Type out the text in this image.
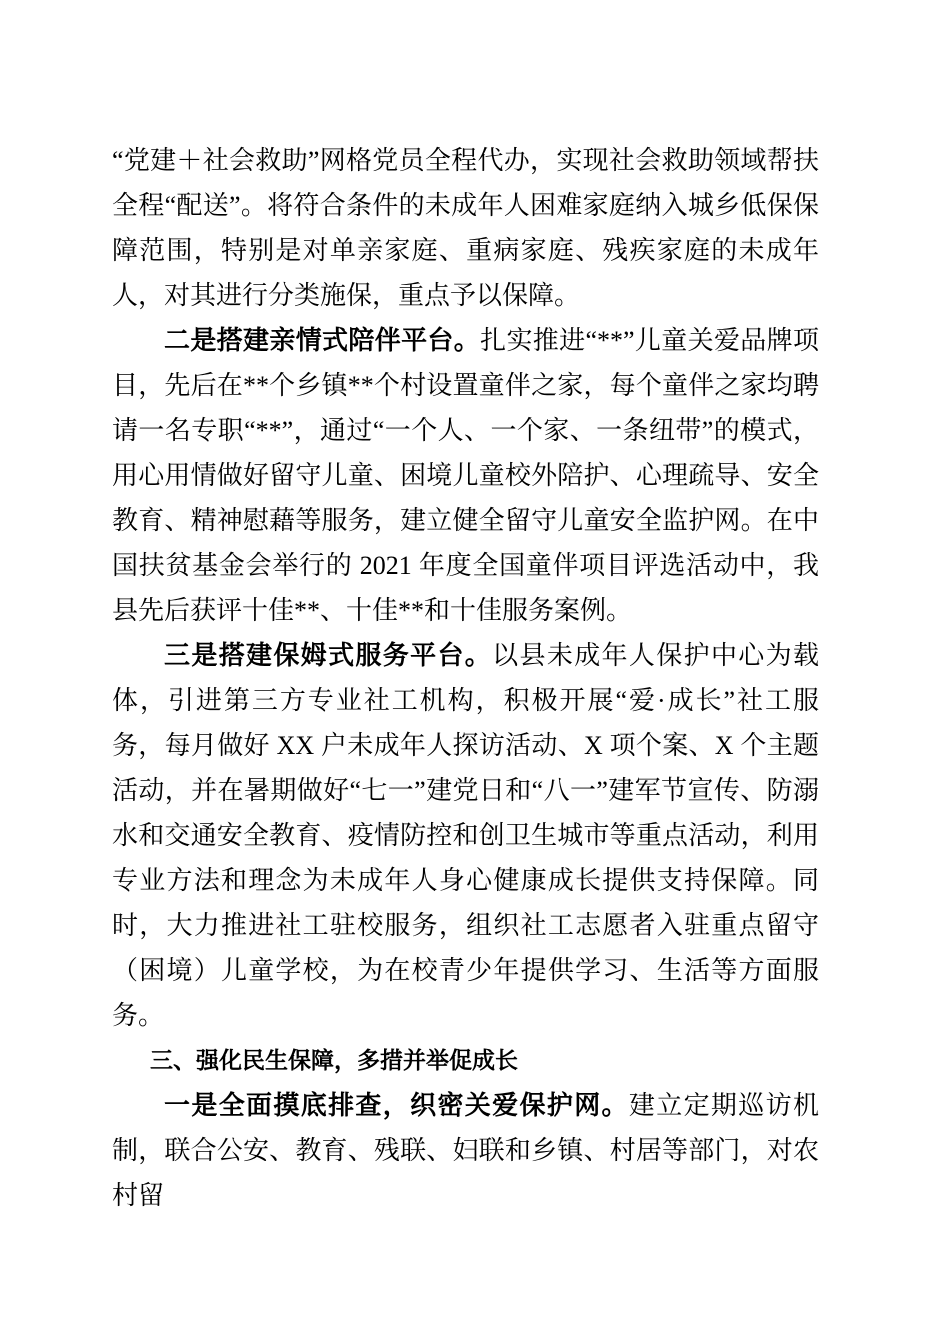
“党建＋社会救助”网格党员全程代办，实现社会救助领域帮扶全程“配送”。将符合条件的未成年人困难家庭纳入城乡低保保障范围，特别是对单亲家庭、重病家庭、残疾家庭的未成年人，对其进行分类施保，重点予以保障。

二是搭建亲情式陪伴平台。扎实推进“**”儿童关爱品牌项目，先后在**个乡镇**个村设置童伴之家，每个童伴之家均聘请一名专职“**”，通过“一个人、一个家、一条纽带”的模式，用心用情做好留守儿童、困境儿童校外陪护、心理疏导、安全教育、精神慰藉等服务，建立健全留守儿童安全监护网。在中国扶贫基金会举行的 2021 年度全国童伴项目评选活动中，我县先后获评十佳**、十佳**和十佳服务案例。

三是搭建保姆式服务平台。以县未成年人保护中心为载体，引进第三方专业社工机构，积极开展“爱·成长”社工服务，每月做好 XX 户未成年人探访活动、X 项个案、X 个主题活动，并在暑期做好“七一”建党日和“八一”建军节宣传、防溺水和交通安全教育、疫情防控和创卫生城市等重点活动，利用专业方法和理念为未成年人身心健康成长提供支持保障。同时，大力推进社工驻校服务，组织社工志愿者入驻重点留守（困境）儿童学校，为在校青少年提供学习、生活等方面服务。

三、强化民生保障，多措并举促成长

一是全面摸底排查，织密关爱保护网。建立定期巡访机制，联合公安、教育、残联、妇联和乡镇、村居等部门，对农村留
